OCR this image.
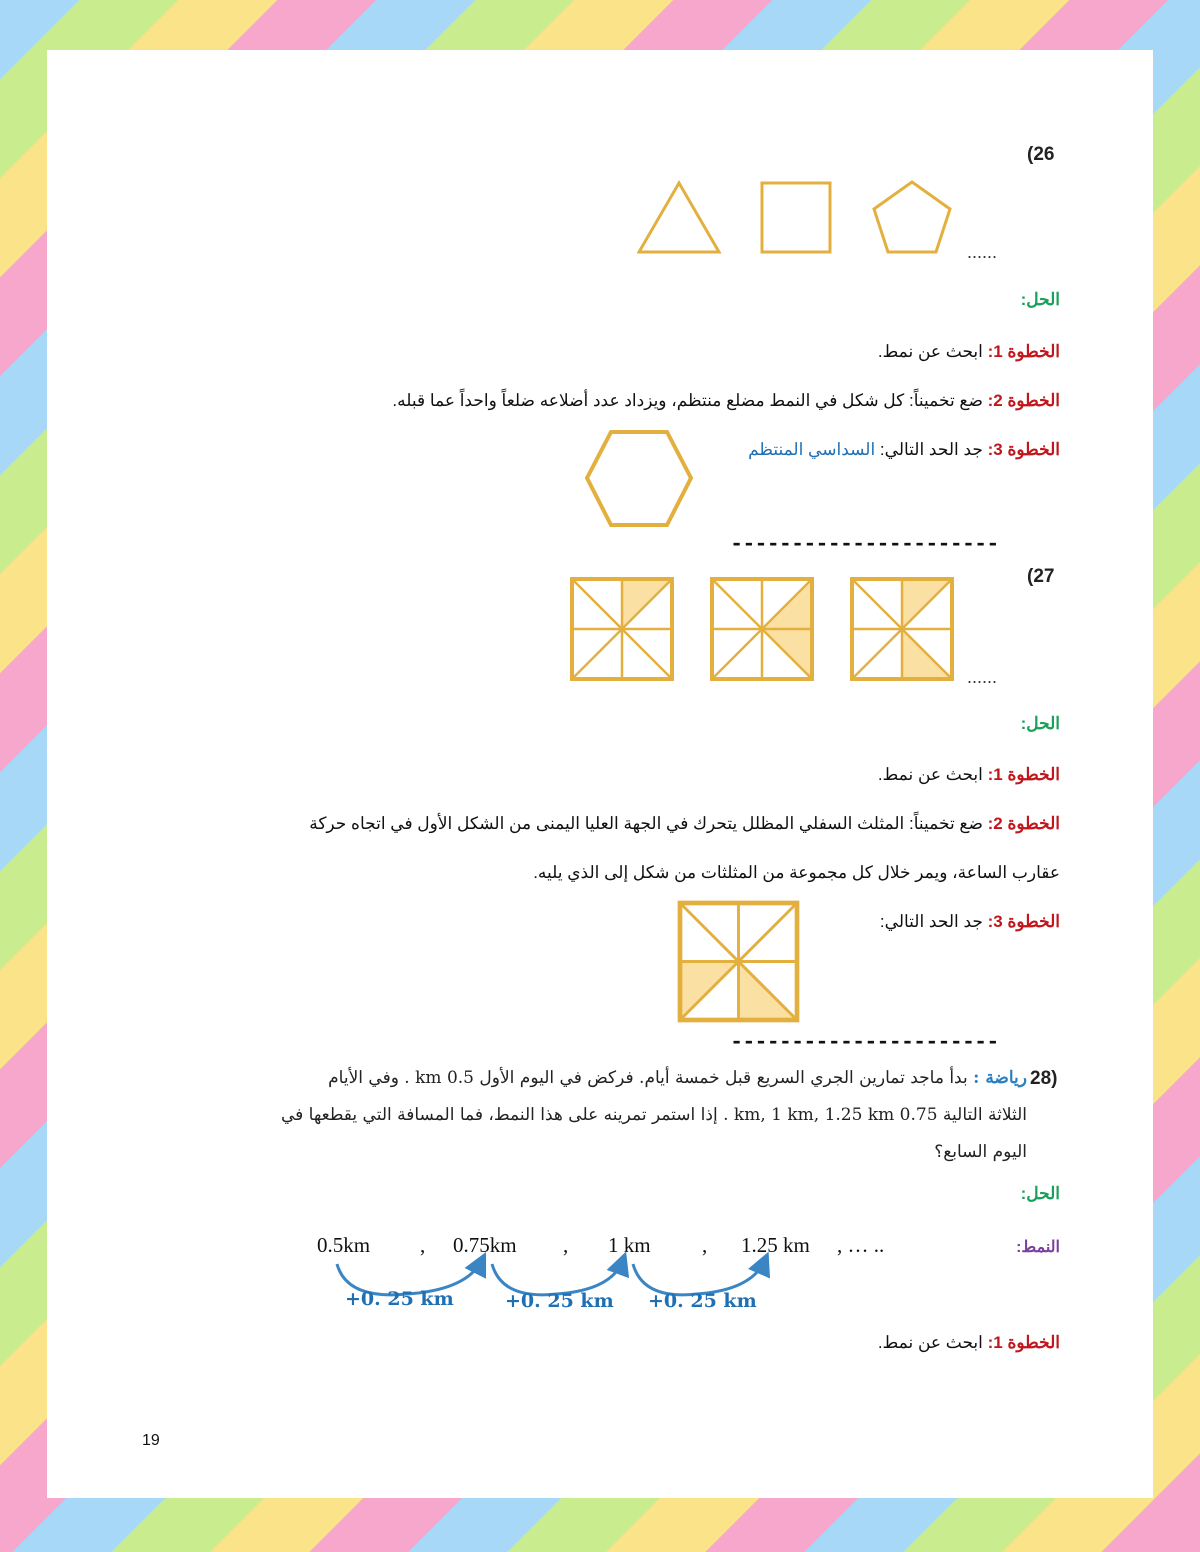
(26
......
الحل:
الخطوة 1: ابحث عن نمط.
الخطوة 2: ضع تخميناً: كل شكل في النمط مضلع منتظم، ويزداد عدد أضلاعه ضلعاً واحداً عما قبله.
الخطوة 3: جد الحد التالي: السداسي المنتظم
----------------------
(27
......
الحل:
الخطوة 1: ابحث عن نمط.
الخطوة 2: ضع تخميناً: المثلث السفلي المظلل يتحرك في الجهة العليا اليمنى من الشكل الأول في اتجاه حركة
عقارب الساعة، ويمر خلال كل مجموعة من المثلثات من شكل إلى الذي يليه.
الخطوة 3: جد الحد التالي:
----------------------
28)
رياضة : بدأ ماجد تمارين الجري السريع قبل خمسة أيام. فركض في اليوم الأول 0.5 km . وفي الأيام
الثلاثة التالية 0.75 km, 1 km, 1.25 km . إذا استمر تمرينه على هذا النمط، فما المسافة التي يقطعها في
اليوم السابع؟
الحل:
النمط:
0.5km , 0.75km , 1 km , 1.25 km , … ..
+0. 25 km	+0. 25 km +0. 25 km
الخطوة 1: ابحث عن نمط.
19
